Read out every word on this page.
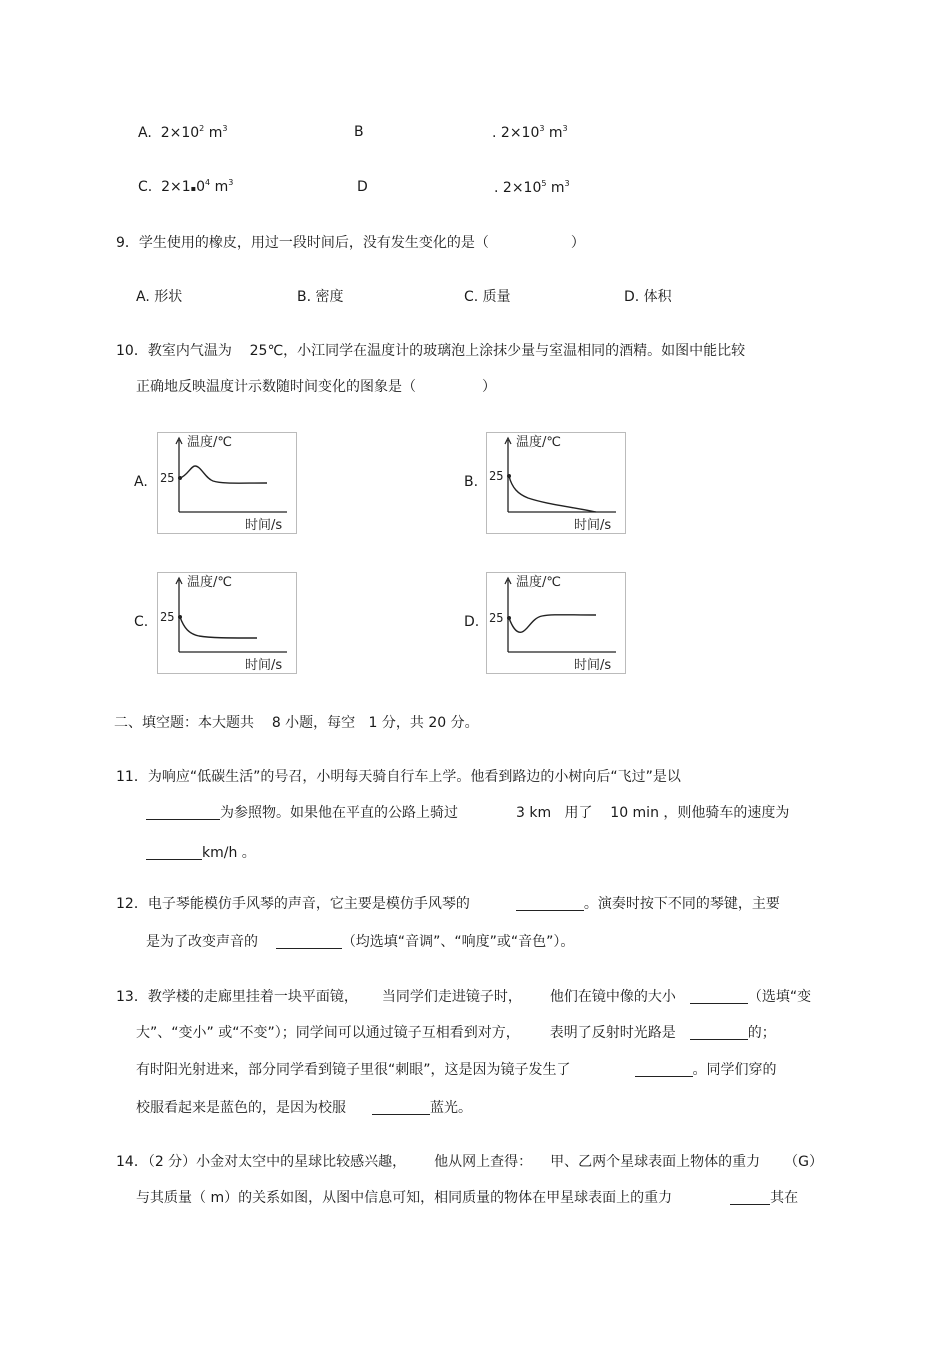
A. $2\times 10^2$ $m^3$	B	. $2\times 10^3$ $m^3$
C. $2\times 1▪0^4$ $m^3$	D	. $2\times 10^5$ $m^3$
9．学生使用的橡皮，用过一段时间后，没有发生变化的是（	）
A. 形状	B. 密度	C. 质量	D. 体积
10．教室内气温为 25℃，小江同学在温度计的玻璃泡上涂抹少量与室温相同的酒精。如图中能比较
正确地反映温度计示数随时间变化的图象是（	）
A.	B.
C.	D.
温度/℃
时间/s
25
温度/℃
时间/s
25
温度/℃
时间/s
25
温度/℃
时间/s
25
二、填空题：本大题共 8 小题，每空 1 分，共 20 分。
11．为响应“低碳生活”的号召，小明每天骑自行车上学。他看到路边的小树向后“飞过”是以
为参照物。如果他在平直的公路上骑过	3 km 用了 10 min ，则他骑车的速度为
km/h 。
12．电子琴能模仿手风琴的声音，它主要是模仿手风琴的	。演奏时按下不同的琴键，主要
是为了改变声音的	（均选填“音调”、“响度”或“音色”）。
13．教学楼的走廊里挂着一块平面镜， 当同学们走进镜子时， 他们在镜中像的大小	（选填“变
大”、“变小” 或“不变”）；同学间可以通过镜子互相看到对方， 表明了反射时光路是	的；
有时阳光射进来，部分同学看到镜子里很“刺眼”，这是因为镜子发生了	。同学们穿的
校服看起来是蓝色的，是因为校服	蓝光。
14．（2 分）小金对太空中的星球比较感兴趣， 他从网上查得： 甲、乙两个星球表面上物体的重力 （G）
与其质量（ m）的关系如图，从图中信息可知，相同质量的物体在甲星球表面上的重力	其在
